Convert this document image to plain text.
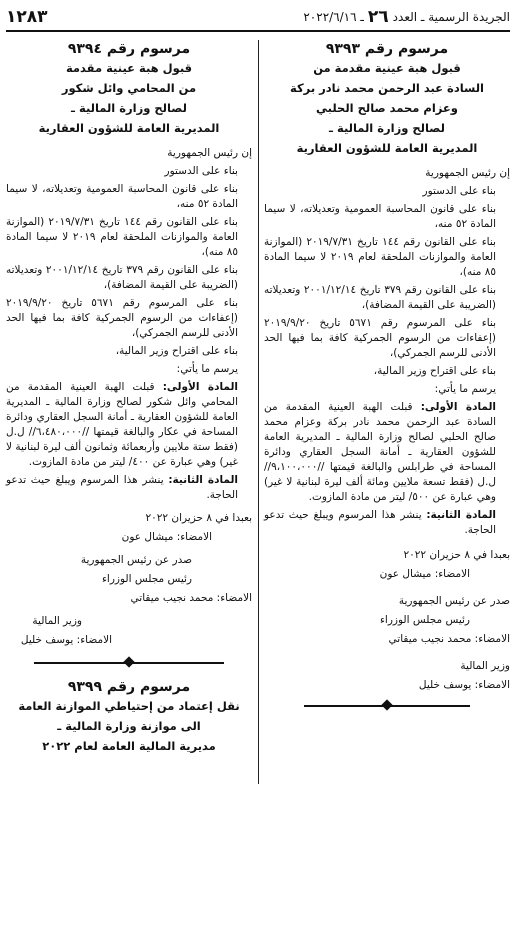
الجريدة الرسمية ـ العدد
٢٦
ـ ٢٠٢٢/٦/١٦
١٢٨٣
مرسوم رقم ٩٣٩٣
قبول هبة عينية مقدمة من
السادة عبد الرحمن محمد نادر بركة
وعزام محمد صالح الحلبي
لصالح وزارة المالية ـ
المديرية العامة للشؤون العقارية
إن رئيس الجمهورية
بناء على الدستور
بناء على قانون المحاسبة العمومية وتعديلاته، لا سيما المادة ٥٢ منه،
بناء على القانون رقم ١٤٤ تاريخ ٢٠١٩/٧/٣١ (الموازنة العامة والموازنات الملحقة لعام ٢٠١٩ لا سيما المادة ٨٥ منه)،
بناء على القانون رقم ٣٧٩ تاريخ ٢٠٠١/١٢/١٤ وتعديلاته (الضريبة على القيمة المضافة)،
بناء على المرسوم رقم ٥٦٧١ تاريخ ٢٠١٩/٩/٢٠ (إعفاءات من الرسوم الجمركية كافة بما فيها الحد الأدنى للرسم الجمركي)،
بناء على اقتراح وزير المالية،
يرسم ما يأتي:
المادة الأولى: قبلت الهبة العينية المقدمة من السادة عبد الرحمن محمد نادر بركة وعزام محمد صالح الحلبي لصالح وزارة المالية ـ المديرية العامة للشؤون العقارية ـ أمانة السجل العقاري ودائرة المساحة في طرابلس والبالغة قيمتها //٩،١٠٠،٠٠٠// ل.ل (فقط تسعة ملايين ومائة ألف ليرة لبنانية لا غير) وهي عبارة عن ٥٠٠/ ليتر من مادة المازوت.
المادة الثانية: ينشر هذا المرسوم ويبلغ حيث تدعو الحاجة.
بعبدا في ٨ حزيران ٢٠٢٢
الامضاء: ميشال عون
صدر عن رئيس الجمهورية
رئيس مجلس الوزراء
الامضاء: محمد نجيب ميقاتي
وزير المالية
الامضاء: يوسف خليل
مرسوم رقم ٩٣٩٤
قبول هبة عينية مقدمة
من المحامي وائل شكور
لصالح وزارة المالية ـ
المديرية العامة للشؤون العقارية
إن رئيس الجمهورية
بناء على الدستور
بناء على قانون المحاسبة العمومية وتعديلاته، لا سيما المادة ٥٢ منه،
بناء على القانون رقم ١٤٤ تاريخ ٢٠١٩/٧/٣١ (الموازنة العامة والموازنات الملحقة لعام ٢٠١٩ لا سيما المادة ٨٥ منه)،
بناء على القانون رقم ٣٧٩ تاريخ ٢٠٠١/١٢/١٤ وتعديلاته (الضريبة على القيمة المضافة)،
بناء على المرسوم رقم ٥٦٧١ تاريخ ٢٠١٩/٩/٢٠ (إعفاءات من الرسوم الجمركية كافة بما فيها الحد الأدنى للرسم الجمركي)،
بناء على اقتراح وزير المالية،
يرسم ما يأتي:
المادة الأولى: قبلت الهبة العينية المقدمة من المحامي وائل شكور لصالح وزارة المالية ـ المديرية العامة للشؤون العقارية ـ أمانة السجل العقاري ودائرة المساحة في عكار والبالغة قيمتها //٦،٤٨٠،٠٠٠// ل.ل (فقط ستة ملايين وأربعمائة وثمانون ألف ليرة لبنانية لا غير) وهي عبارة عن ٤٠٠/ ليتر من مادة المازوت.
المادة الثانية: ينشر هذا المرسوم ويبلغ حيث تدعو الحاجة.
بعبدا في ٨ حزيران ٢٠٢٢
الامضاء: ميشال عون
صدر عن رئيس الجمهورية
رئيس مجلس الوزراء
الامضاء: محمد نجيب ميقاتي
وزير المالية
الامضاء: يوسف خليل
مرسوم رقم ٩٣٩٩
نقل إعتماد من إحتياطي الموازنة العامة
الى موازنة وزارة المالية ـ
مديرية المالية العامة لعام ٢٠٢٢
